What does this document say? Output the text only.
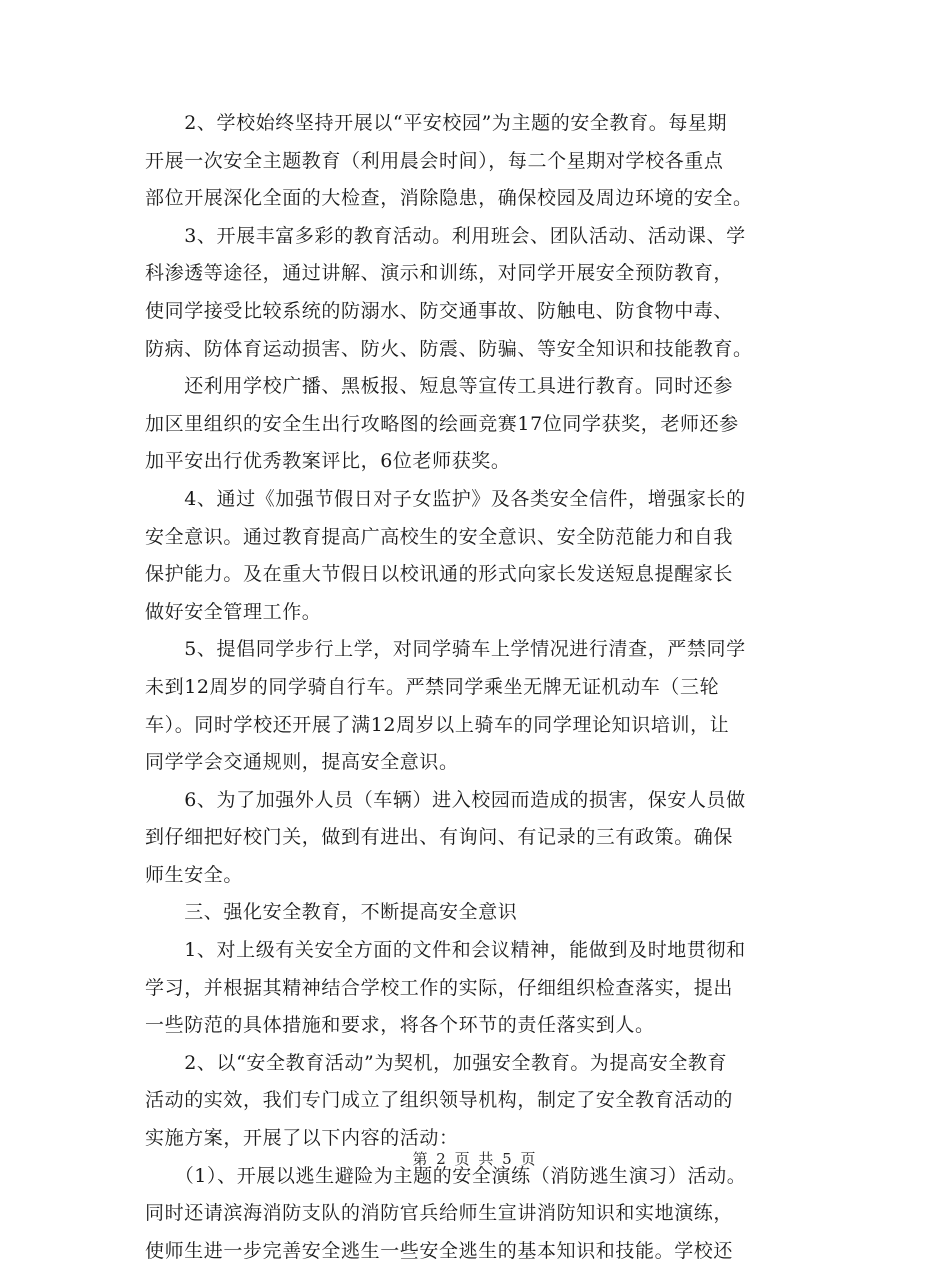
　　2、学校始终坚持开展以“平安校园”为主题的安全教育。每星期
开展一次安全主题教育（利用晨会时间），每二个星期对学校各重点
部位开展深化全面的大检查，消除隐患，确保校园及周边环境的安全。
　　3、开展丰富多彩的教育活动。利用班会、团队活动、活动课、学
科渗透等途径，通过讲解、演示和训练，对同学开展安全预防教育，
使同学接受比较系统的防溺水、防交通事故、防触电、防食物中毒、
防病、防体育运动损害、防火、防震、防骗、等安全知识和技能教育。
　　还利用学校广播、黑板报、短息等宣传工具进行教育。同时还参
加区里组织的安全生出行攻略图的绘画竞赛17位同学获奖，老师还参
加平安出行优秀教案评比，6位老师获奖。
　　4、通过《加强节假日对子女监护》及各类安全信件，增强家长的
安全意识。通过教育提高广高校生的安全意识、安全防范能力和自我
保护能力。及在重大节假日以校讯通的形式向家长发送短息提醒家长
做好安全管理工作。
　　5、提倡同学步行上学，对同学骑车上学情况进行清查，严禁同学
未到12周岁的同学骑自行车。严禁同学乘坐无牌无证机动车（三轮
车）。同时学校还开展了满12周岁以上骑车的同学理论知识培训，让
同学学会交通规则，提高安全意识。
　　6、为了加强外人员（车辆）进入校园而造成的损害，保安人员做
到仔细把好校门关，做到有进出、有询问、有记录的三有政策。确保
师生安全。
　　三、强化安全教育，不断提高安全意识
　　1、对上级有关安全方面的文件和会议精神，能做到及时地贯彻和
学习，并根据其精神结合学校工作的实际，仔细组织检查落实，提出
一些防范的具体措施和要求，将各个环节的责任落实到人。
　　2、以“安全教育活动”为契机，加强安全教育。为提高安全教育
活动的实效，我们专门成立了组织领导机构，制定了安全教育活动的
实施方案，开展了以下内容的活动：
　　（1）、开展以逃生避险为主题的安全演练（消防逃生演习）活动。
同时还请滨海消防支队的消防官兵给师生宣讲消防知识和实地演练，
使师生进一步完善安全逃生一些安全逃生的基本知识和技能。学校还
第 2 页 共 5 页
